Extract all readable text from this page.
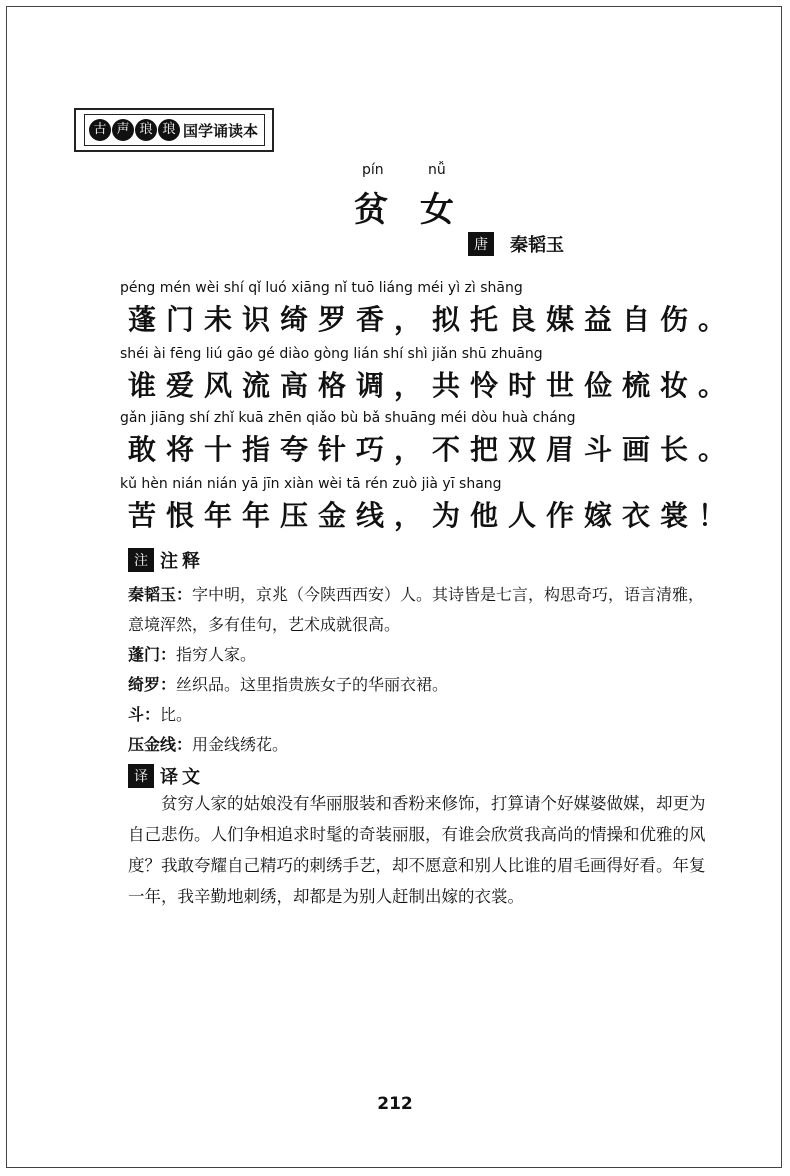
古 声 琅 琅 国学诵读本
pín	nǚ
贫 女
唐	秦韬玉
péng mén wèi shí qǐ luó xiāng nǐ tuō liáng méi yì zì shāng
蓬门未识绮罗香，拟托良媒益自伤。
shéi ài fēng liú gāo gé diào gòng lián shí shì jiǎn shū zhuāng
谁爱风流高格调，共怜时世俭梳妆。
gǎn jiāng shí zhǐ kuā zhēn qiǎo bù bǎ shuāng méi dòu huà cháng
敢将十指夸针巧，不把双眉斗画长。
kǔ hèn nián nián yā jīn xiàn wèi tā rén zuò jià yī shang
苦恨年年压金线，为他人作嫁衣裳！
注 注释
秦韬玉：字中明，京兆（今陕西西安）人。其诗皆是七言，构思奇巧，语言清雅，意境浑然，多有佳句，艺术成就很高。
蓬门：指穷人家。
绮罗：丝织品。这里指贵族女子的华丽衣裙。
斗：比。
压金线：用金线绣花。
译 译文
贫穷人家的姑娘没有华丽服装和香粉来修饰，打算请个好媒婆做媒，却更为自己悲伤。人们争相追求时髦的奇装丽服，有谁会欣赏我高尚的情操和优雅的风度？我敢夸耀自己精巧的刺绣手艺，却不愿意和别人比谁的眉毛画得好看。年复一年，我辛勤地刺绣，却都是为别人赶制出嫁的衣裳。
212
